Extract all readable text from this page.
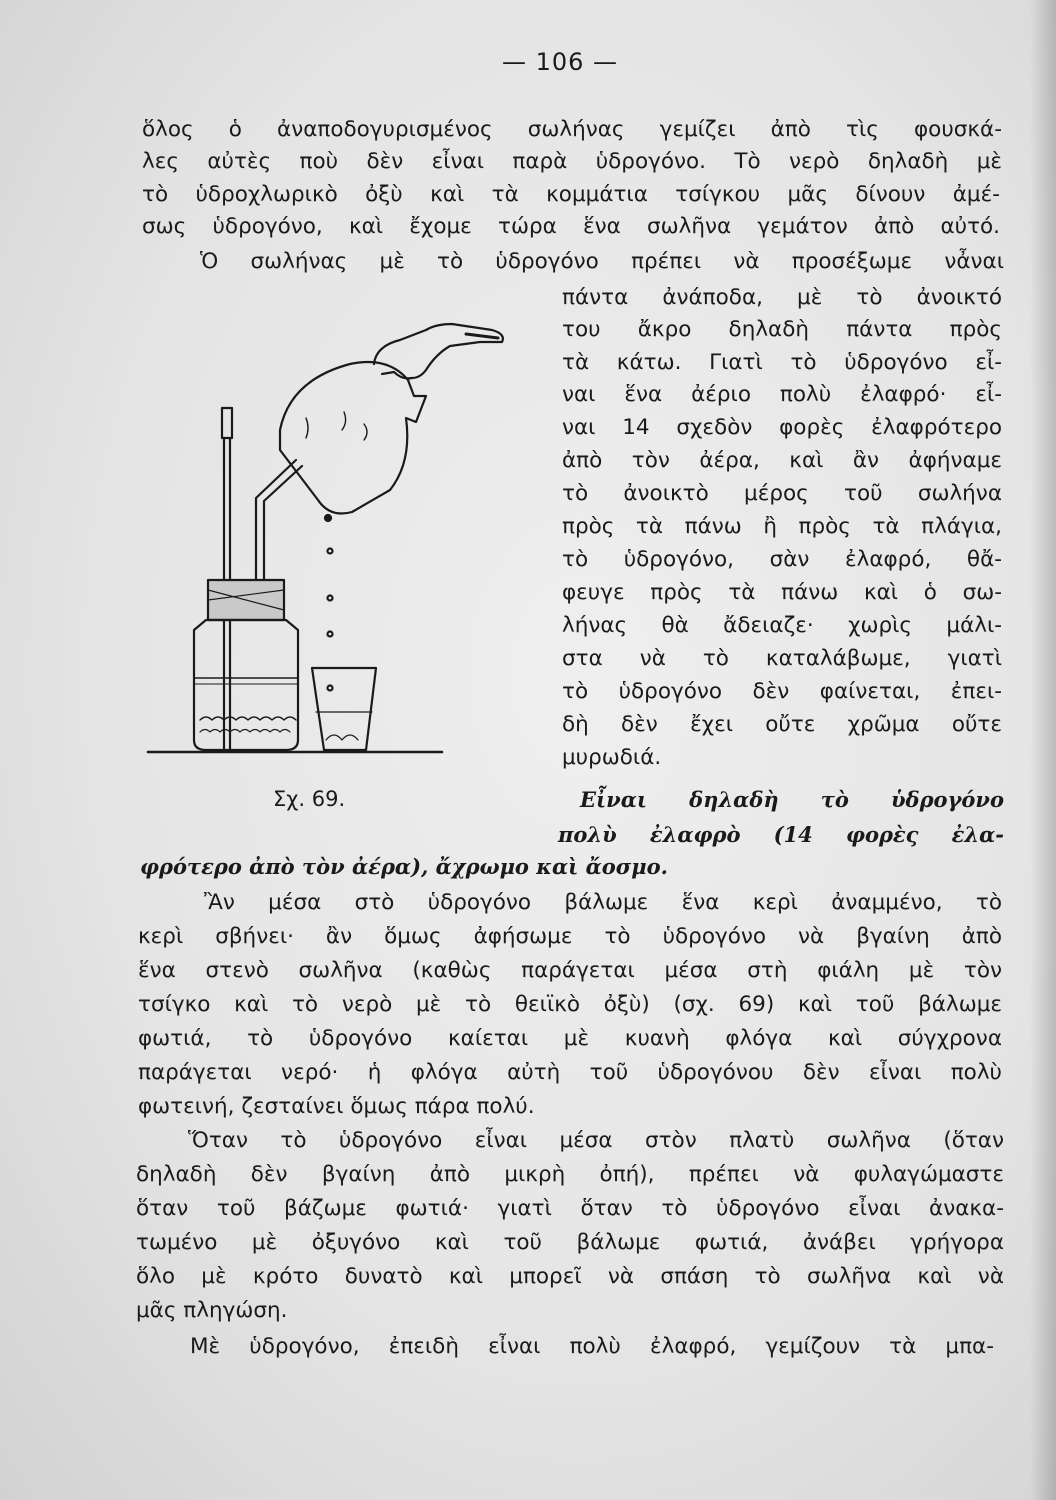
— 106 —
ὅλος ὁ ἀναποδογυρισμένος σωλήνας γεμίζει ἀπὸ τὶς φουσκά-
λες αὐτὲς ποὺ δὲν εἶναι παρὰ ὑδρογόνο. Τὸ νερὸ δηλαδὴ μὲ
τὸ ὑδροχλωρικὸ ὀξὺ καὶ τὰ κομμάτια τσίγκου μᾶς δίνουν ἀμέ-
σως ὑδρογόνο, καὶ ἔχομε τώρα ἕνα σωλῆνα γεμάτον ἀπὸ αὐτό.
Ὁ σωλήνας μὲ τὸ ὑδρογόνο πρέπει νὰ προσέξωμε νἆναι
πάντα ἀνάποδα, μὲ τὸ ἀνοικτό
του ἄκρο δηλαδὴ πάντα πρὸς
τὰ κάτω. Γιατὶ τὸ ὑδρογόνο εἶ-
ναι ἕνα ἀέριο πολὺ ἐλαφρό· εἶ-
ναι 14 σχεδὸν φορὲς ἐλαφρότερο
ἀπὸ τὸν ἀέρα, καὶ ἂν ἀφήναμε
τὸ ἀνοικτὸ μέρος τοῦ σωλήνα
πρὸς τὰ πάνω ἢ πρὸς τὰ πλάγια,
τὸ ὑδρογόνο, σὰν ἐλαφρό, θἄ-
φευγε πρὸς τὰ πάνω καὶ ὁ σω-
λήνας θὰ ἄδειαζε· χωρὶς μάλι-
στα νὰ τὸ καταλάβωμε, γιατὶ
τὸ ὑδρογόνο δὲν φαίνεται, ἐπει-
δὴ δὲν ἔχει οὔτε χρῶμα οὔτε
μυρωδιά.
Σχ. 69.	Εἶναι δηλαδὴ τὸ ὑδρογόνο
πολὺ ἐλαφρὸ (14 φορὲς ἐλα-
φρότερο ἀπὸ τὸν ἀέρα), ἄχρωμο καὶ ἄοσμο.
Ἂν μέσα στὸ ὑδρογόνο βάλωμε ἕνα κερὶ ἀναμμένο, τὸ
κερὶ σβήνει· ἂν ὅμως ἀφήσωμε τὸ ὑδρογόνο νὰ βγαίνη ἀπὸ
ἕνα στενὸ σωλῆνα (καθὼς παράγεται μέσα στὴ φιάλη μὲ τὸν
τσίγκο καὶ τὸ νερὸ μὲ τὸ θειϊκὸ ὀξὺ) (σχ. 69) καὶ τοῦ βάλωμε
φωτιά, τὸ ὑδρογόνο καίεται μὲ κυανὴ φλόγα καὶ σύγχρονα
παράγεται νερό· ἡ φλόγα αὐτὴ τοῦ ὑδρογόνου δὲν εἶναι πολὺ
φωτεινή, ζεσταίνει ὅμως πάρα πολύ.
Ὅταν τὸ ὑδρογόνο εἶναι μέσα στὸν πλατὺ σωλῆνα (ὅταν
δηλαδὴ δὲν βγαίνη ἀπὸ μικρὴ ὀπή), πρέπει νὰ φυλαγώμαστε
ὅταν τοῦ βάζωμε φωτιά· γιατὶ ὅταν τὸ ὑδρογόνο εἶναι ἀνακα-
τωμένο μὲ ὀξυγόνο καὶ τοῦ βάλωμε φωτιά, ἀνάβει γρήγορα
ὅλο μὲ κρότο δυνατὸ καὶ μπορεῖ νὰ σπάση τὸ σωλῆνα καὶ νὰ
μᾶς πληγώση.
Μὲ ὑδρογόνο, ἐπειδὴ εἶναι πολὺ ἐλαφρό, γεμίζουν τὰ μπα-
